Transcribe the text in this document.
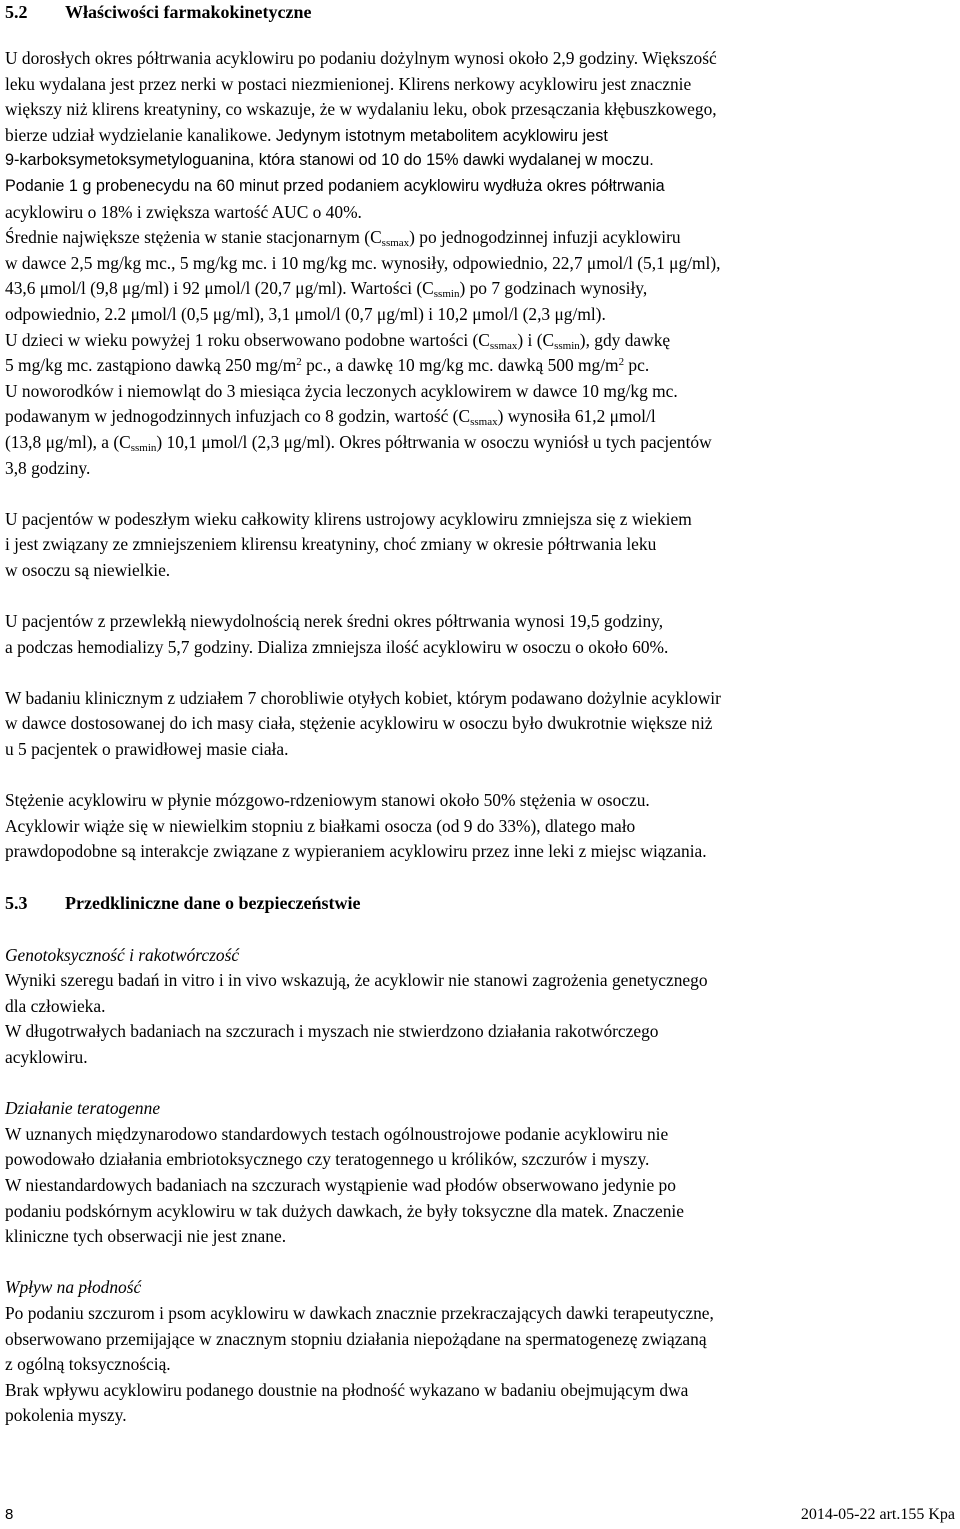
5.2	Właściwości farmakokinetyczne
U dorosłych okres półtrwania acyklowiru po podaniu dożylnym wynosi około 2,9 godziny. Większość
leku wydalana jest przez nerki w postaci niezmienionej. Klirens nerkowy acyklowiru jest znacznie
większy niż klirens kreatyniny, co wskazuje, że w wydalaniu leku, obok przesączania kłębuszkowego,
bierze udział wydzielanie kanalikowe. Jedynym istotnym metabolitem acyklowiru jest
9-karboksymetoksymetyloguanina, która stanowi od 10 do 15% dawki wydalanej w moczu.
Podanie 1 g probenecydu na 60 minut przed podaniem acyklowiru wydłuża okres półtrwania
acyklowiru o 18% i zwiększa wartość AUC o 40%.
Średnie największe stężenia w stanie stacjonarnym $(C_{ssmax})$ po jednogodzinnej infuzji acyklowiru
w dawce 2,5 mg/kg mc., 5 mg/kg mc. i 10 mg/kg mc. wynosiły, odpowiednio, 22,7 μmol/l (5,1 μg/ml),
43,6 μmol/l (9,8 μg/ml) i 92 μmol/l (20,7 μg/ml). Wartości $(C_{ssmin})$ po 7 godzinach wynosiły,
odpowiednio, 2.2 μmol/l (0,5 μg/ml), 3,1 μmol/l (0,7 μg/ml) i 10,2 μmol/l (2,3 μg/ml).
U dzieci w wieku powyżej 1 roku obserwowano podobne wartości $(C_{ssmax})$ i $(C_{ssmin})$, gdy dawkę
5 mg/kg mc. zastąpiono dawką 250 $mg/m^2$ pc., a dawkę 10 mg/kg mc. dawką 500 $mg/m^2$ pc.
U noworodków i niemowląt do 3 miesiąca życia leczonych acyklowirem w dawce 10 mg/kg mc.
podawanym w jednogodzinnych infuzjach co 8 godzin, wartość $(C_{ssmax})$ wynosiła 61,2 μmol/l
(13,8 μg/ml), a $(C_{ssmin})$ 10,1 μmol/l (2,3 μg/ml). Okres półtrwania w osoczu wyniósł u tych pacjentów
3,8 godziny.
U pacjentów w podeszłym wieku całkowity klirens ustrojowy acyklowiru zmniejsza się z wiekiem
i jest związany ze zmniejszeniem klirensu kreatyniny, choć zmiany w okresie półtrwania leku
w osoczu są niewielkie.
U pacjentów z przewlekłą niewydolnością nerek średni okres półtrwania wynosi 19,5 godziny,
a podczas hemodializy 5,7 godziny. Dializa zmniejsza ilość acyklowiru w osoczu o około 60%.
W badaniu klinicznym z udziałem 7 chorobliwie otyłych kobiet, którym podawano dożylnie acyklowir
w dawce dostosowanej do ich masy ciała, stężenie acyklowiru w osoczu było dwukrotnie większe niż
u 5 pacjentek o prawidłowej masie ciała.
Stężenie acyklowiru w płynie mózgowo-rdzeniowym stanowi około 50% stężenia w osoczu.
Acyklowir wiąże się w niewielkim stopniu z białkami osocza (od 9 do 33%), dlatego mało
prawdopodobne są interakcje związane z wypieraniem acyklowiru przez inne leki z miejsc wiązania.
5.3	Przedkliniczne dane o bezpieczeństwie
Genotoksyczność i rakotwórczość
Wyniki szeregu badań in vitro i in vivo wskazują, że acyklowir nie stanowi zagrożenia genetycznego
dla człowieka.
W długotrwałych badaniach na szczurach i myszach nie stwierdzono działania rakotwórczego
acyklowiru.
Działanie teratogenne
W uznanych międzynarodowo standardowych testach ogólnoustrojowe podanie acyklowiru nie
powodowało działania embriotoksycznego czy teratogennego u królików, szczurów i myszy.
W niestandardowych badaniach na szczurach wystąpienie wad płodów obserwowano jedynie po
podaniu podskórnym acyklowiru w tak dużych dawkach, że były toksyczne dla matek. Znaczenie
kliniczne tych obserwacji nie jest znane.
Wpływ na płodność
Po podaniu szczurom i psom acyklowiru w dawkach znacznie przekraczających dawki terapeutyczne,
obserwowano przemijające w znacznym stopniu działania niepożądane na spermatogenezę związaną
z ogólną toksycznością.
Brak wpływu acyklowiru podanego doustnie na płodność wykazano w badaniu obejmującym dwa
pokolenia myszy.
8	2014-05-22 art.155 Kpa
